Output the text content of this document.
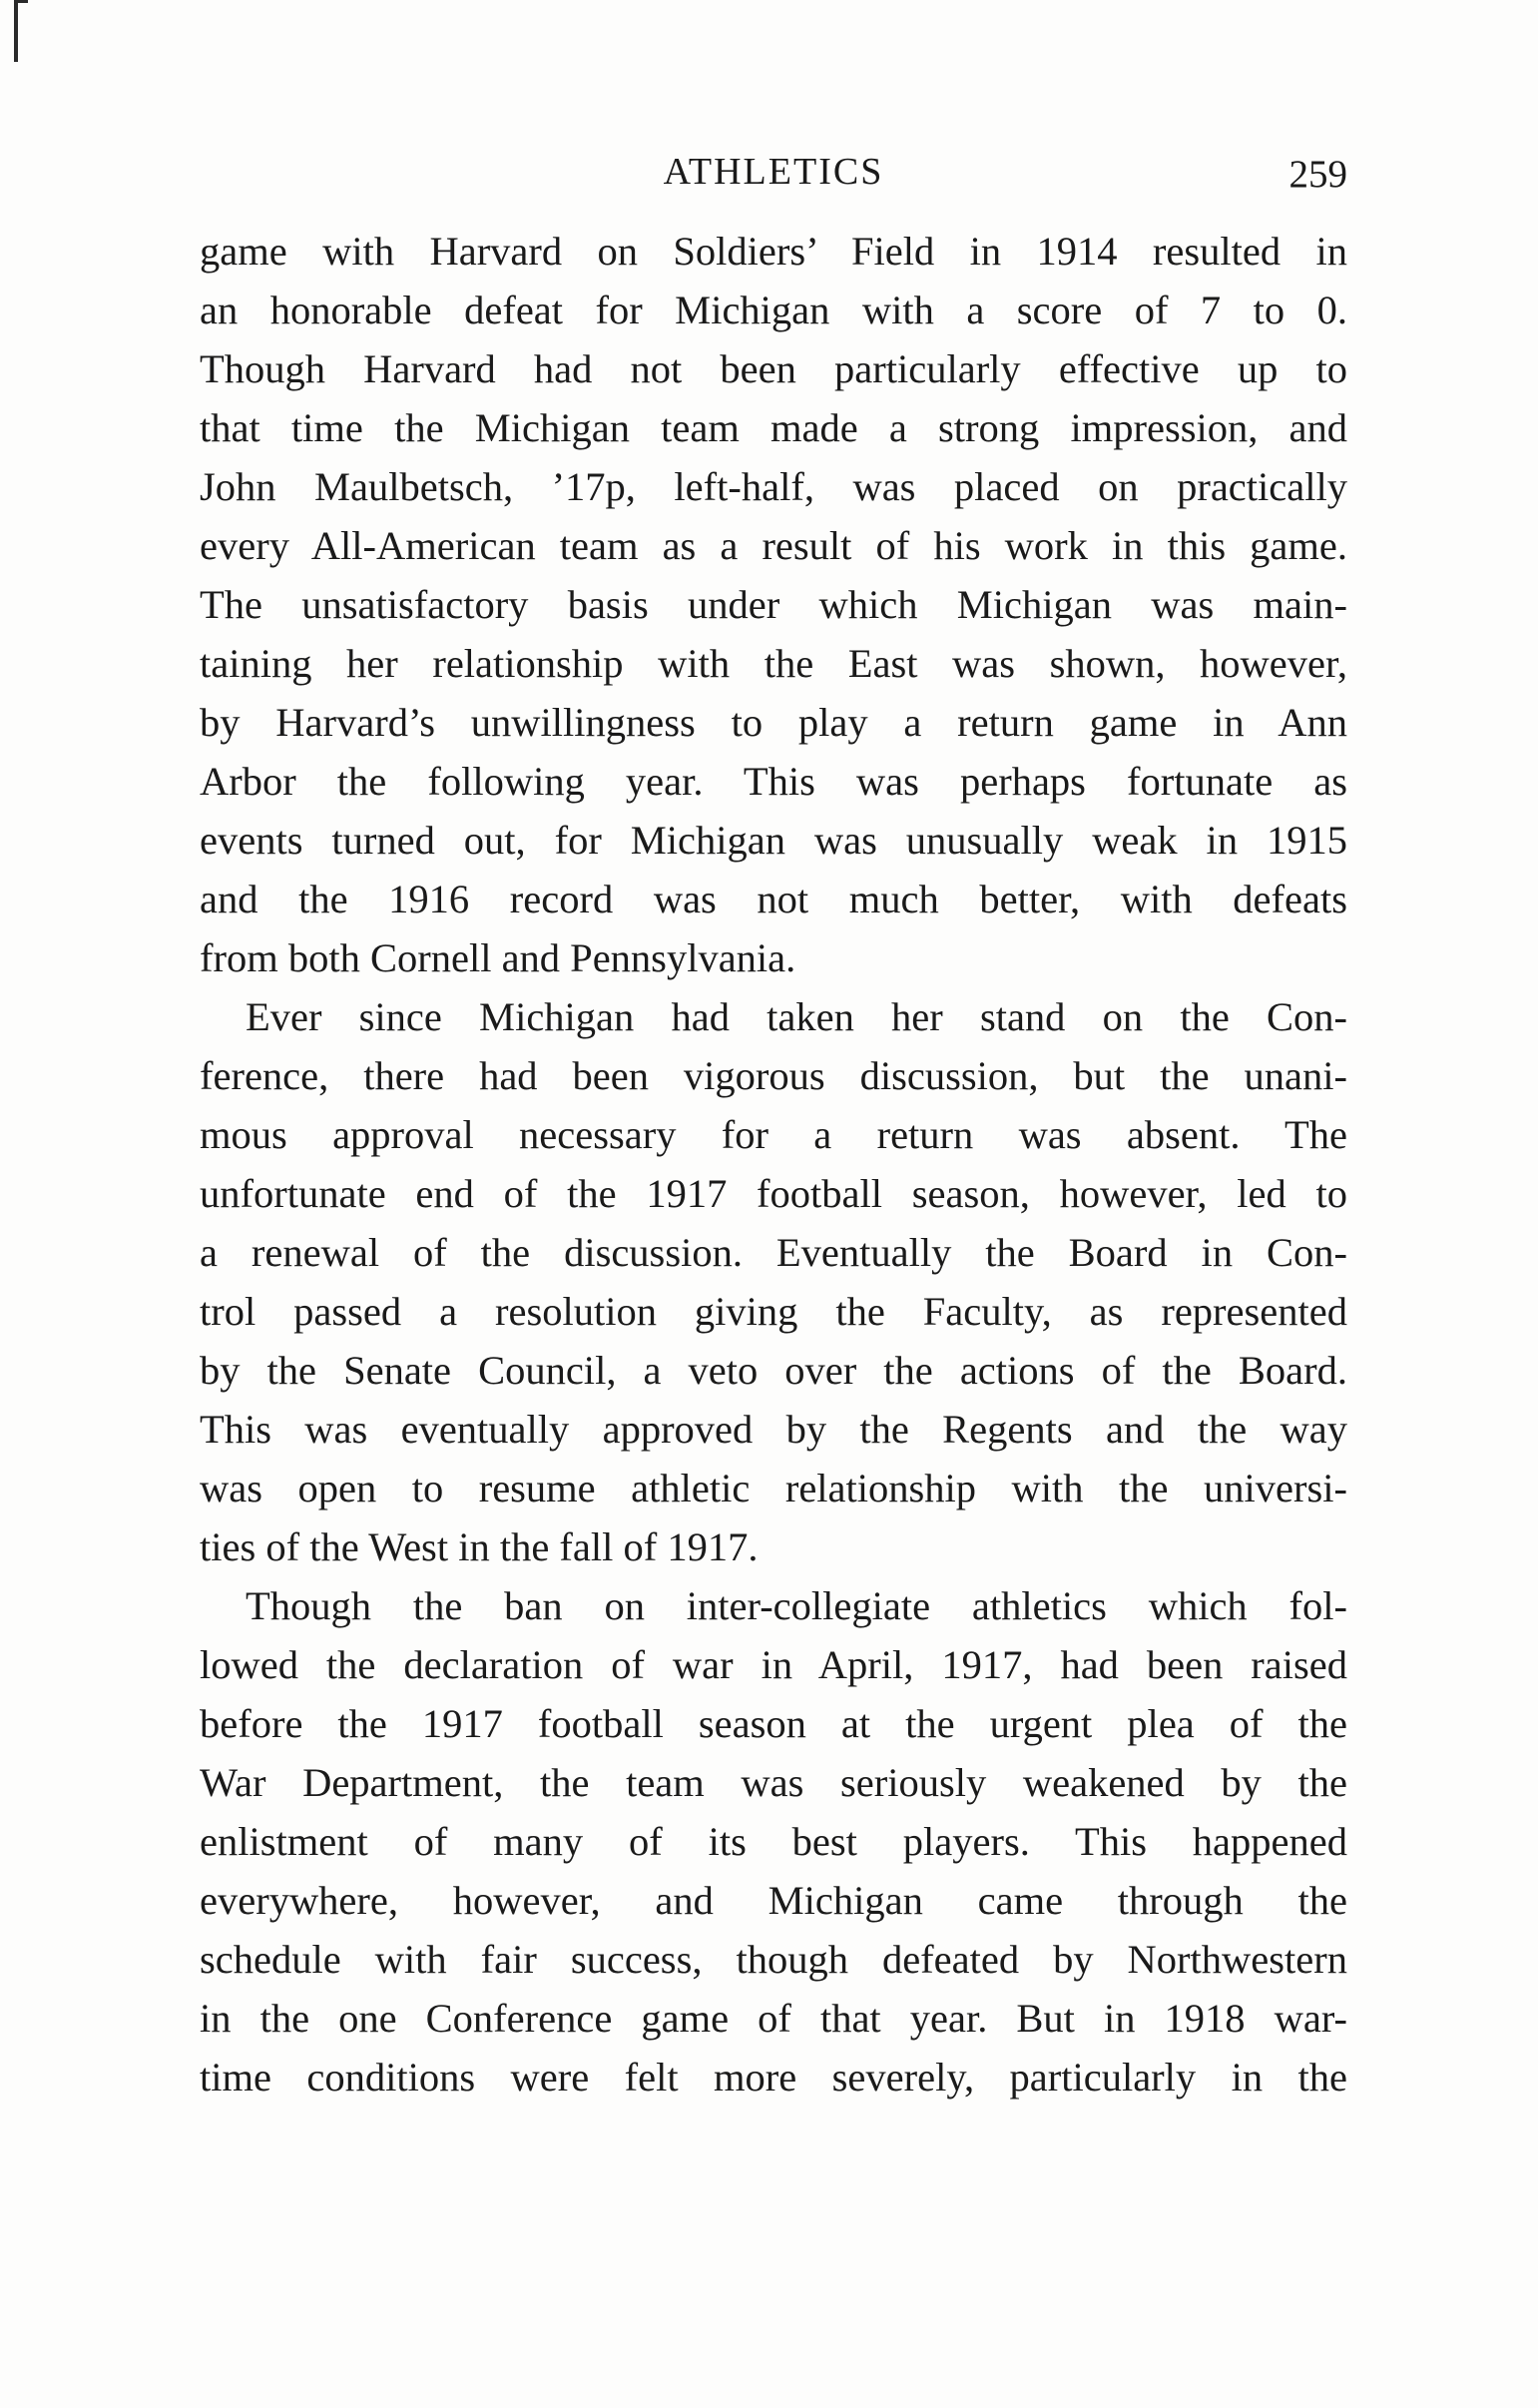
ATHLETICS	259
game with Harvard on Soldiers’ Field in 1914 resulted in
an honorable defeat for Michigan with a score of 7 to 0.
Though Harvard had not been particularly effective up to
that time the Michigan team made a strong impression, and
John Maulbetsch, ’17p, left-half, was placed on practically
every All-American team as a result of his work in this game.
The unsatisfactory basis under which Michigan was main-
taining her relationship with the East was shown, however,
by Harvard’s unwillingness to play a return game in Ann
Arbor the following year. This was perhaps fortunate as
events turned out, for Michigan was unusually weak in 1915
and the 1916 record was not much better, with defeats
from both Cornell and Pennsylvania.
Ever since Michigan had taken her stand on the Con-
ference, there had been vigorous discussion, but the unani-
mous approval necessary for a return was absent. The
unfortunate end of the 1917 football season, however, led to
a renewal of the discussion. Eventually the Board in Con-
trol passed a resolution giving the Faculty, as represented
by the Senate Council, a veto over the actions of the Board.
This was eventually approved by the Regents and the way
was open to resume athletic relationship with the universi-
ties of the West in the fall of 1917.
Though the ban on inter-collegiate athletics which fol-
lowed the declaration of war in April, 1917, had been raised
before the 1917 football season at the urgent plea of the
War Department, the team was seriously weakened by the
enlistment of many of its best players. This happened
everywhere, however, and Michigan came through the
schedule with fair success, though defeated by Northwestern
in the one Conference game of that year. But in 1918 war-
time conditions were felt more severely, particularly in the
